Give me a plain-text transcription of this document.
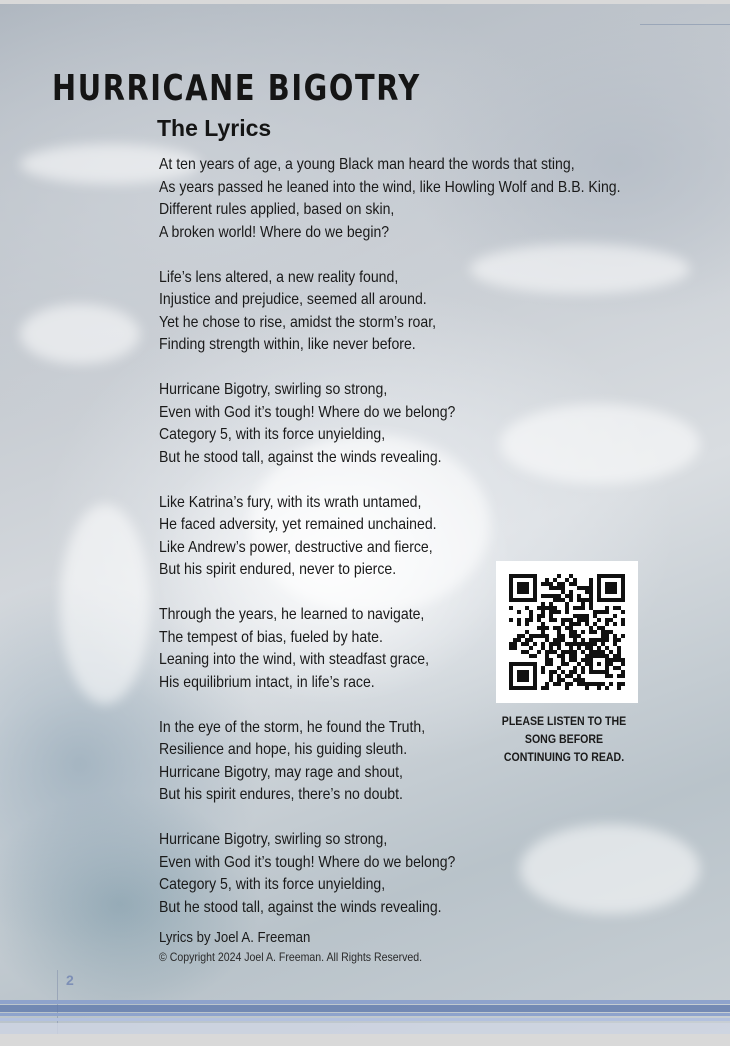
HURRICANE BIGOTRY
The Lyrics
At ten years of age, a young Black man heard the words that sting,
As years passed he leaned into the wind, like Howling Wolf and B.B. King.
Different rules applied, based on skin,
A broken world! Where do we begin?
Life’s lens altered, a new reality found,
Injustice and prejudice, seemed all around.
Yet he chose to rise, amidst the storm’s roar,
Finding strength within, like never before.
Hurricane Bigotry, swirling so strong,
Even with God it’s tough! Where do we belong?
Category 5, with its force unyielding,
But he stood tall, against the winds revealing.
Like Katrina’s fury, with its wrath untamed,
He faced adversity, yet remained unchained.
Like Andrew’s power, destructive and fierce,
But his spirit endured, never to pierce.
Through the years, he learned to navigate,
The tempest of bias, fueled by hate.
Leaning into the wind, with steadfast grace,
His equilibrium intact, in life’s race.
In the eye of the storm, he found the Truth,
Resilience and hope, his guiding sleuth.
Hurricane Bigotry, may rage and shout,
But his spirit endures, there’s no doubt.
Hurricane Bigotry, swirling so strong,
Even with God it’s tough! Where do we belong?
Category 5, with its force unyielding,
But he stood tall, against the winds revealing.
Lyrics by Joel A. Freeman
© Copyright 2024 Joel A. Freeman. All Rights Reserved.
PLEASE LISTEN TO THE
SONG BEFORE
CONTINUING TO READ.
2
